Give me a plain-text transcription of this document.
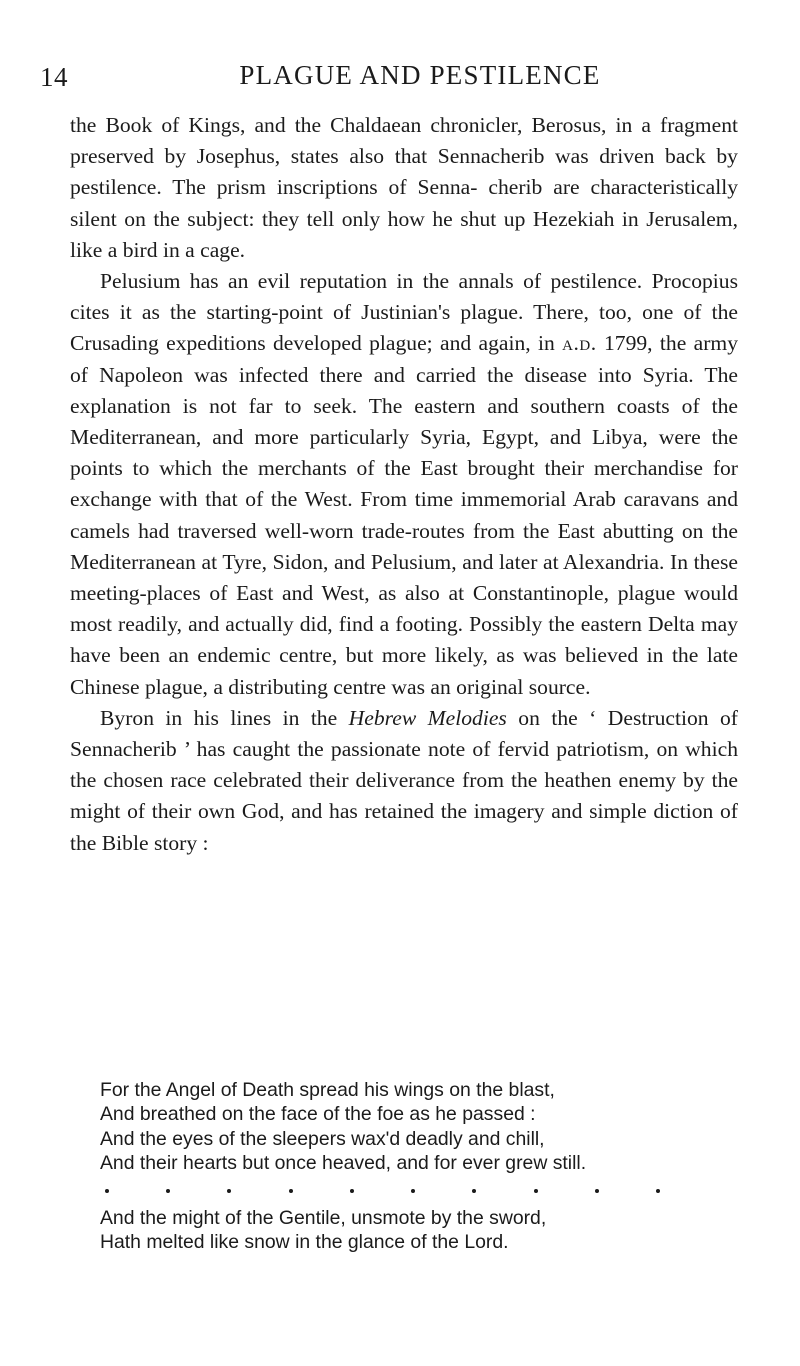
14	PLAGUE AND PESTILENCE

the Book of Kings, and the Chaldaean chronicler, Berosus, in a fragment preserved by Josephus, states also that Sennacherib was driven back by pestilence. The prism inscriptions of Senna- cherib are characteristically silent on the subject: they tell only how he shut up Hezekiah in Jerusalem, like a bird in a cage.

Pelusium has an evil reputation in the annals of pestilence. Procopius cites it as the starting-point of Justinian's plague. There, too, one of the Crusading expeditions developed plague; and again, in a.d. 1799, the army of Napoleon was infected there and carried the disease into Syria. The explanation is not far to seek. The eastern and southern coasts of the Mediterranean, and more particularly Syria, Egypt, and Libya, were the points to which the merchants of the East brought their merchandise for exchange with that of the West. From time immemorial Arab caravans and camels had traversed well-worn trade-routes from the East abutting on the Mediterranean at Tyre, Sidon, and Pelusium, and later at Alexandria. In these meeting-places of East and West, as also at Constantinople, plague would most readily, and actually did, find a footing. Possibly the eastern Delta may have been an endemic centre, but more likely, as was believed in the late Chinese plague, a distributing centre was an original source.

Byron in his lines in the Hebrew Melodies on the ‘ Destruction of Sennacherib ’ has caught the passionate note of fervid patriotism, on which the chosen race celebrated their deliverance from the heathen enemy by the might of their own God, and has retained the imagery and simple diction of the Bible story :

For the Angel of Death spread his wings on the blast,
And breathed on the face of the foe as he passed :
And the eyes of the sleepers wax'd deadly and chill,
And their hearts but once heaved, and for ever grew still.
And the might of the Gentile, unsmote by the sword,
Hath melted like snow in the glance of the Lord.
